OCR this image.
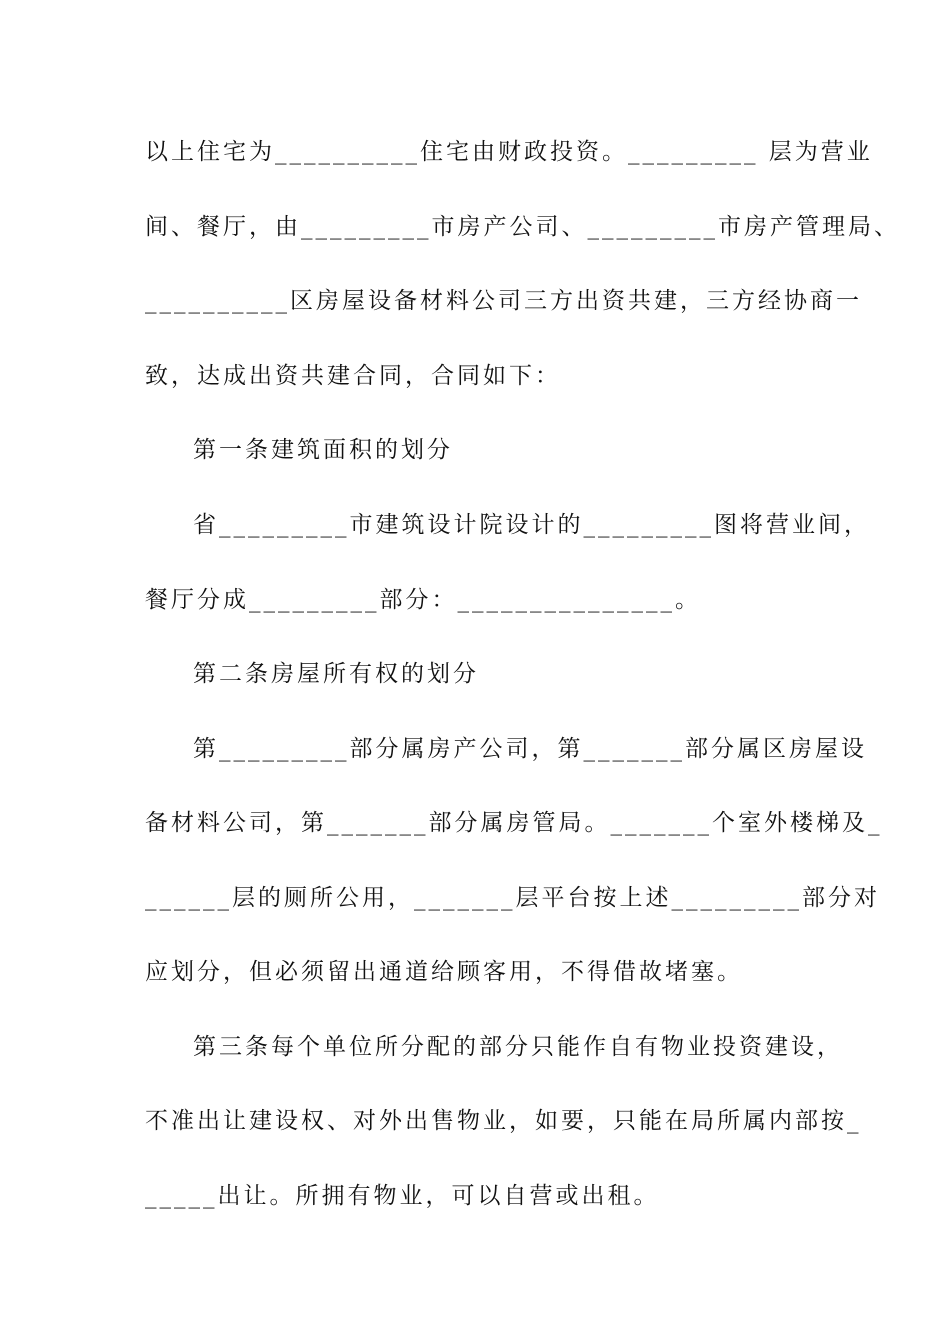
以上住宅为__________住宅由财政投资。_________ 层为营业
间、餐厅，由_________市房产公司、_________市房产管理局、
__________区房屋设备材料公司三方出资共建，三方经协商一
致，达成出资共建合同，合同如下：
第一条建筑面积的划分
省_________市建筑设计院设计的_________图将营业间，
餐厅分成_________部分：_______________。
第二条房屋所有权的划分
第_________部分属房产公司，第_______部分属区房屋设
备材料公司，第_______部分属房管局。_______个室外楼梯及_
______层的厕所公用，_______层平台按上述_________部分对
应划分，但必须留出通道给顾客用，不得借故堵塞。
第三条每个单位所分配的部分只能作自有物业投资建设，
不准出让建设权、对外出售物业，如要，只能在局所属内部按_
_____出让。所拥有物业，可以自营或出租。
